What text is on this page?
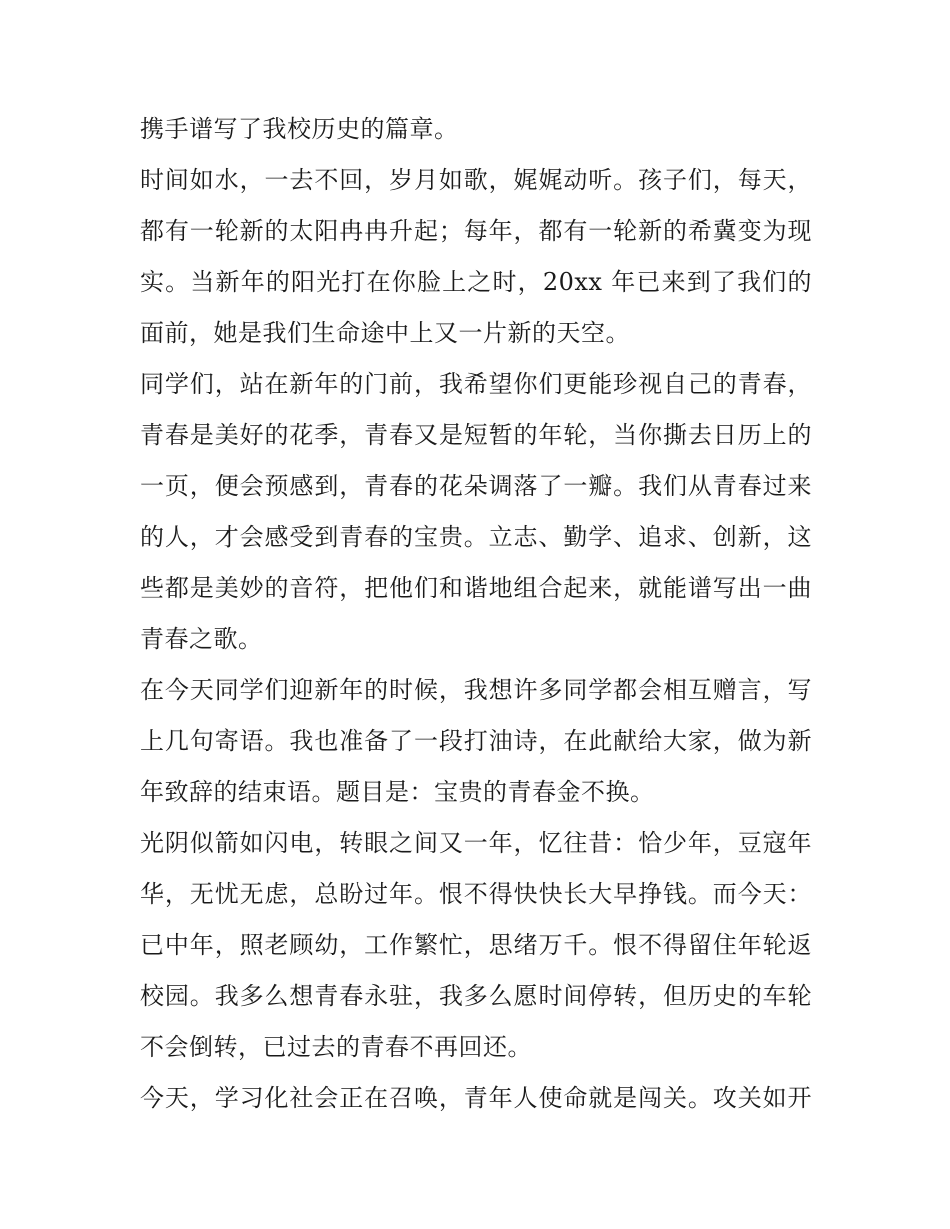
携手谱写了我校历史的篇章。
时间如水，一去不回，岁月如歌，娓娓动听。孩子们，每天，
都有一轮新的太阳冉冉升起；每年，都有一轮新的希冀变为现
实。当新年的阳光打在你脸上之时，20xx 年已来到了我们的
面前，她是我们生命途中上又一片新的天空。
同学们，站在新年的门前，我希望你们更能珍视自己的青春，
青春是美好的花季，青春又是短暂的年轮，当你撕去日历上的
一页，便会预感到，青春的花朵调落了一瓣。我们从青春过来
的人，才会感受到青春的宝贵。立志、勤学、追求、创新，这
些都是美妙的音符，把他们和谐地组合起来，就能谱写出一曲
青春之歌。
在今天同学们迎新年的时候，我想许多同学都会相互赠言，写
上几句寄语。我也准备了一段打油诗，在此献给大家，做为新
年致辞的结束语。题目是：宝贵的青春金不换。
光阴似箭如闪电，转眼之间又一年，忆往昔：恰少年，豆寇年
华，无忧无虑，总盼过年。恨不得快快长大早挣钱。而今天：
已中年，照老顾幼，工作繁忙，思绪万千。恨不得留住年轮返
校园。我多么想青春永驻，我多么愿时间停转，但历史的车轮
不会倒转，已过去的青春不再回还。
今天，学习化社会正在召唤，青年人使命就是闯关。攻关如开
